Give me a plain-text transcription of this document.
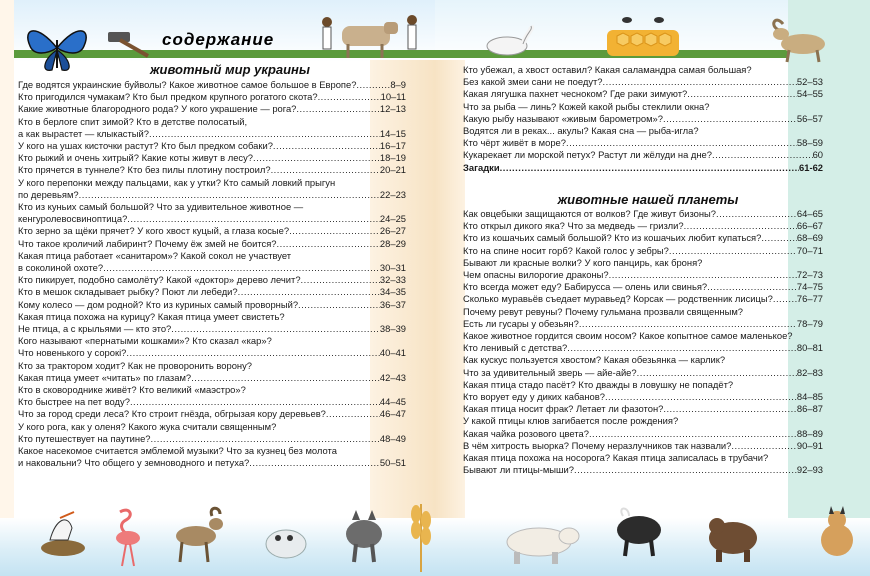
содержание
животный мир украины
Где водятся украинские буйволы? Какое животное самое большое в Европе? .....	8–9
Кто пригодился чумакам? Кто был предком крупного рогатого скота? .....	10–11
Какие животные благородного рода? У кого украшение — рога? .....	12–13
Кто в берлоге спит зимой? Кто в детстве полосатый,
а как вырастет — клыкастый? .....	14–15
У кого на ушах кисточки растут? Кто был предком собаки? .....	16–17
Кто рыжий и очень хитрый? Какие коты живут в лесу? .....	18–19
Кто прячется в туннеле? Кто без пилы плотину построил? .....	20–21
У кого перепонки между пальцами, как у утки? Кто самый ловкий прыгун
по деревьям? .....	22–23
Кто из куньих самый большой? Что за удивительное животное —
кенгуролевосвиноптица? .....	24–25
Кто зерно за щёки прячет? У кого хвост куцый, а глаза косые? .....	26–27
Что такое кроличий лабиринт? Почему ёж змей не боится? .....	28–29
Какая птица работает «санитаром»? Какой сокол не участвует
в соколиной охоте? .....	30–31
Кто пикирует, подобно самолёту? Какой «доктор» дерево лечит? .....	32–33
Кто в мешок складывает рыбку? Поют ли лебеди? .....	34–35
Кому колесо — дом родной? Кто из куриных самый проворный? .....	36–37
Какая птица похожа на курицу? Какая птица умеет свистеть?
Не птица, а с крыльями — кто это? .....	38–39
Кого называют «пернатыми кошками»? Кто сказал «кар»?
Что новенького у сорокi? .....	40–41
Кто за трактором ходит? Как не проворонить ворону?
Какая птица умеет «читать» по глазам? .....	42–43
Кто в сковороднике живёт? Кто великий «маэстро»?
Кто быстрее на пет воду? .....	44–45
Что за город среди леса? Кто строит гнёзда, обгрызая кору деревьев? .....	46–47
У кого рога, как у оленя? Какого жука считали священным?
Кто путешествует на паутине? .....	48–49
Какое насекомое считается эмблемой музыки? Что за кузнец без молота
и наковальни? Что общего у земноводного и петуха? .....	50–51
Кто убежал, а хвост оставил? Какая саламандра самая большая?
Без какой змеи сани не поедут? .....	52–53
Какая лягушка пахнет чесноком? Где раки зимуют? .....	54–55
Что за рыба — линь? Кожей какой рыбы стеклили окна?
Какую рыбу называют «живым барометром»? .....	56–57
Водятся ли в реках... акулы? Какая сна — рыба-игла?
Кто чёрт живёт в море? .....	58–59
Кукарекает ли морской петух? Растут ли жёлуди на дне? .....	60
Загадки .....	61-62
животные нашей планеты
Как овцебыки защищаются от волков? Где живут бизоны? .....	64–65
Кто открыл дикого яка? Что за медведь — гризли? .....	66–67
Кто из кошачьих самый большой? Кто из кошачьих любит купаться? .....	68–69
Кто на спине носит горб? Какой голос у зебры? .....	70–71
Бывают ли красные волки? У кого панцирь, как броня?
Чем опасны вилорогие драконы? .....	72–73
Кто всегда может еду? Бабирусса — олень или свинья? .....	74–75
Сколько муравьёв съедает муравьед? Корсак — родственник лисицы? .....	76–77
Почему ревут ревуны? Почему гульмана прозвали священным?
Есть ли гусары у обезьян? .....	78–79
Какое животное гордится своим носом? Какое копытное самое маленькое?
Кто ленивый с детства? .....	80–81
Как кускус пользуется хвостом? Какая обезьянка — карлик?
Что за удивительный зверь — айе-айе? .....	82–83
Какая птица стадо пасёт? Кто дважды в ловушку не попадёт?
Кто ворует еду у диких кабанов? .....	84–85
Какая птица носит фрак? Летает ли фазотон? .....	86–87
У какой птицы клюв загибается после рождения?
Какая чайка розового цвета? .....	88–89
В чём хитрость выорка? Почему неразлучников так назвали? .....	90–91
Какая птица похожа на носорога? Какая птица записалась в трубачи?
Бывают ли птицы-мыши? .....	92–93
